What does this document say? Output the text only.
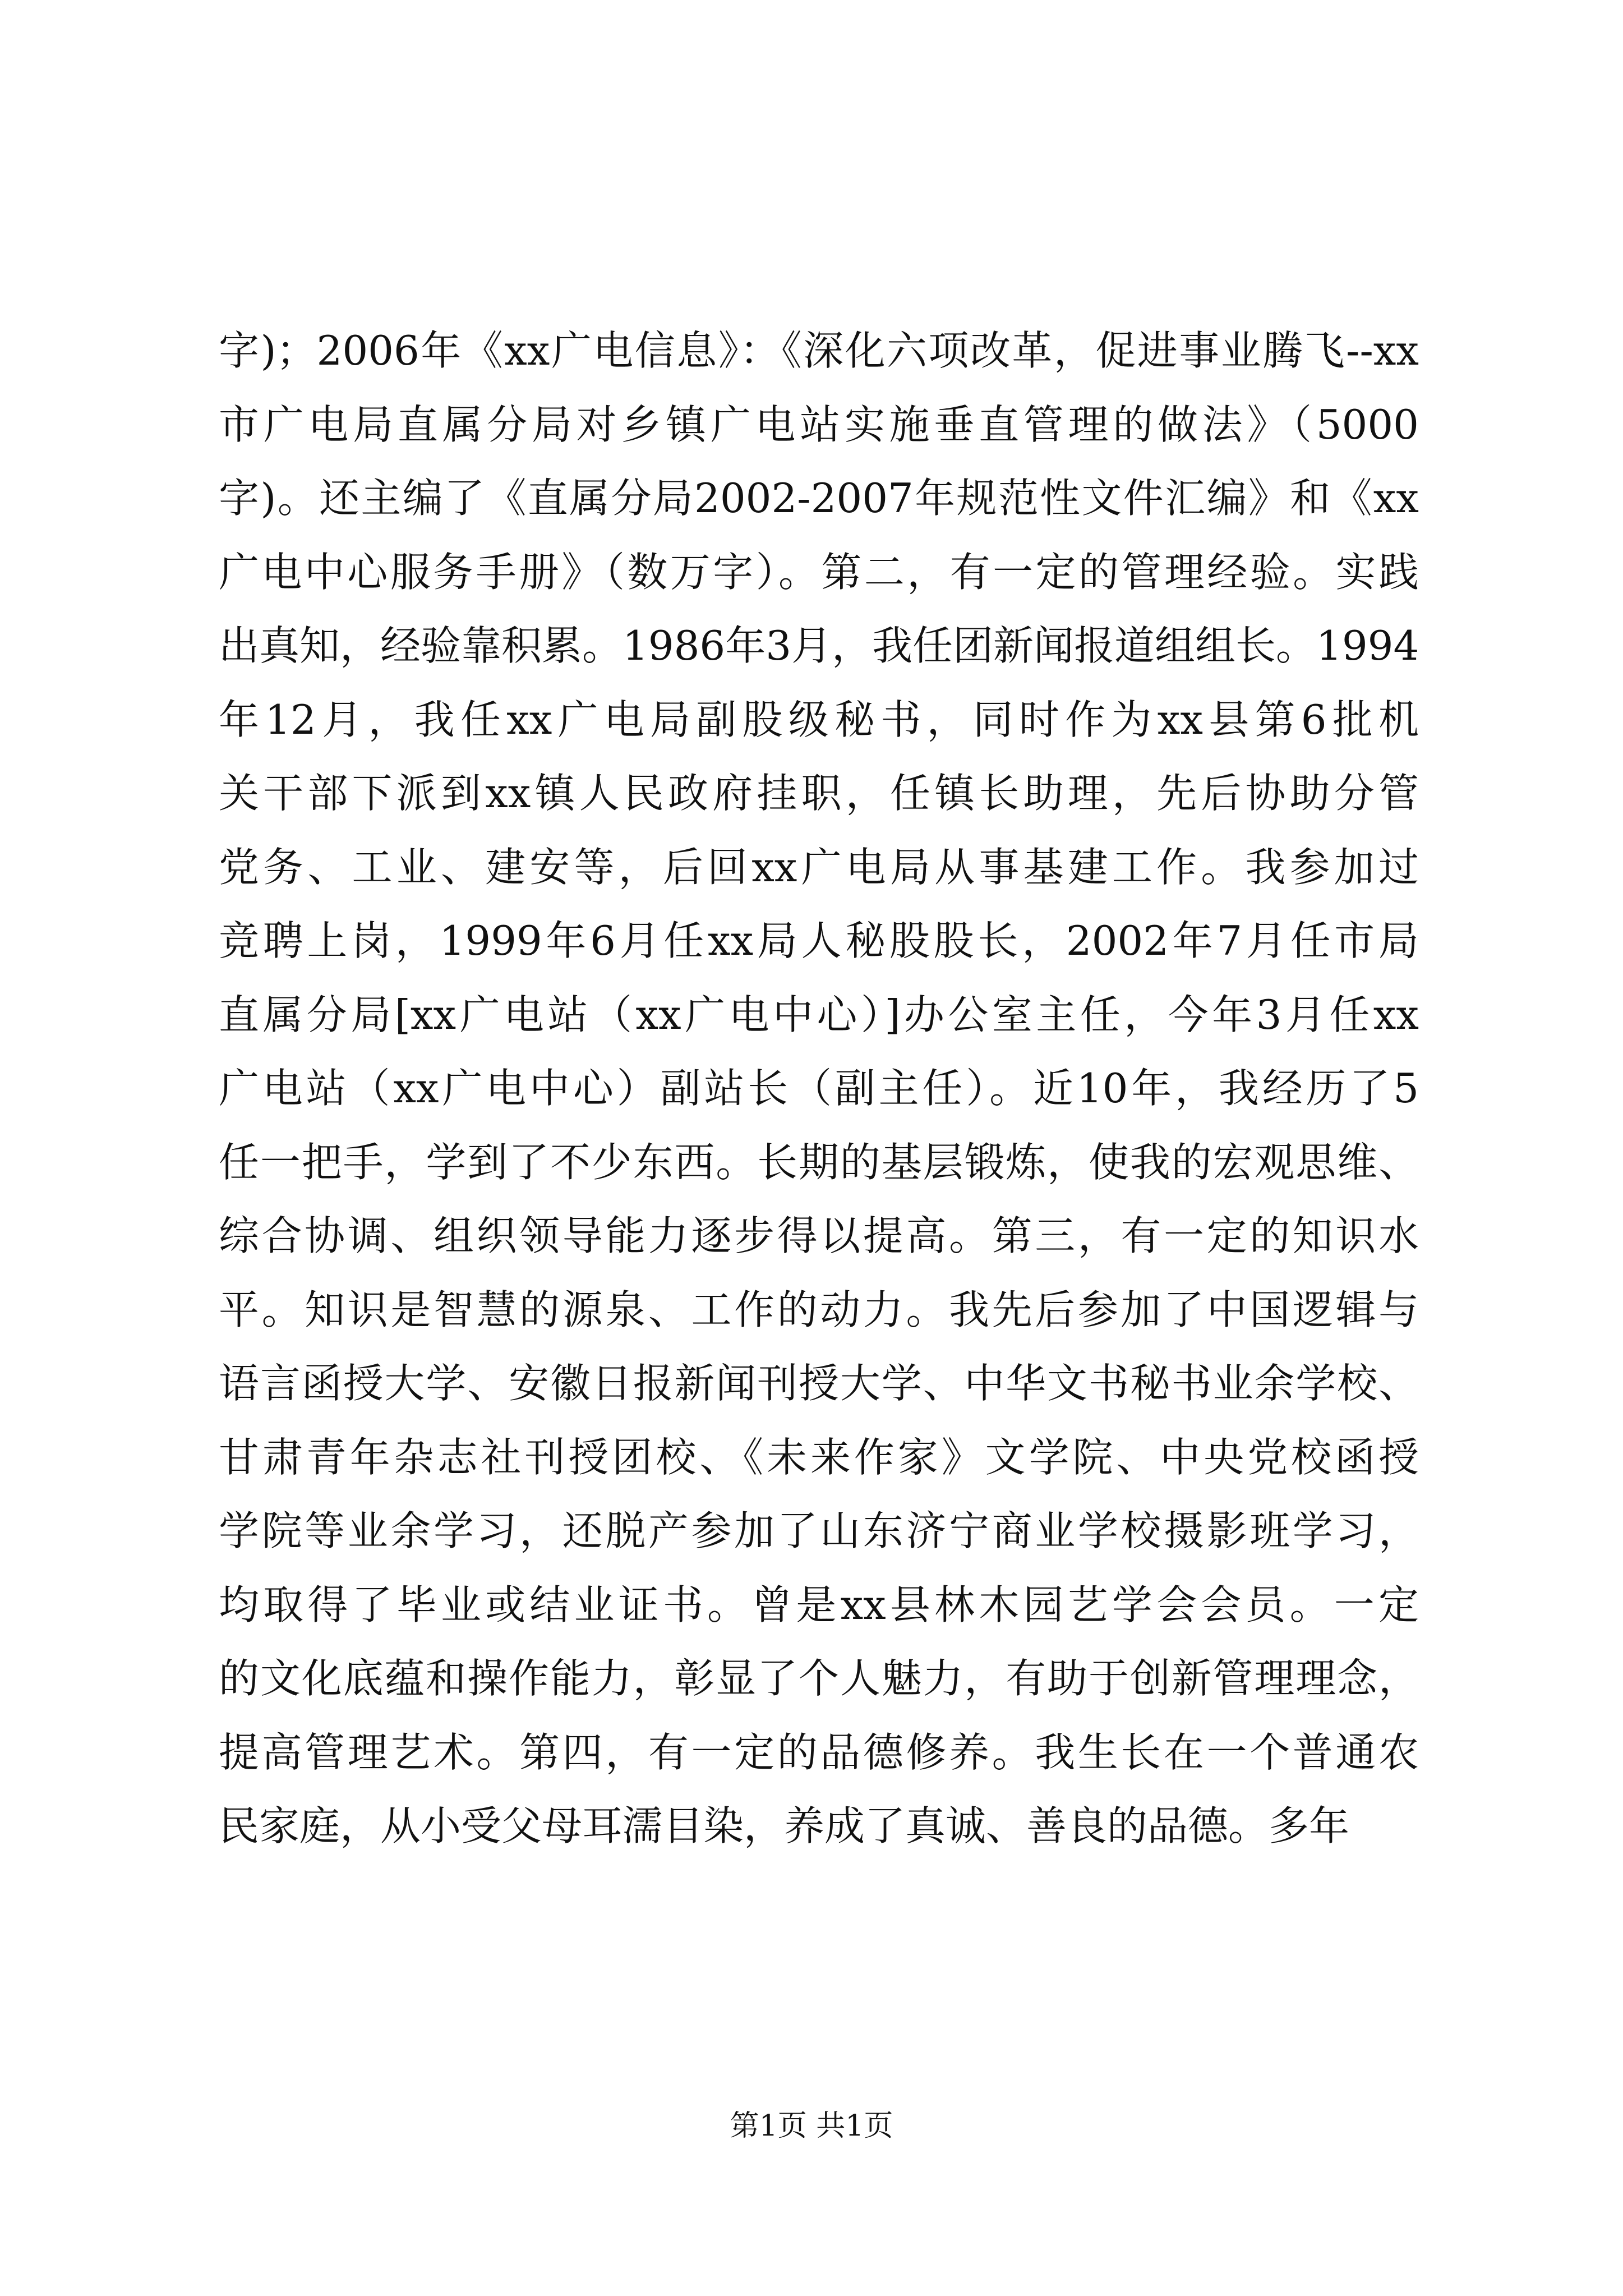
字)；2006年《xx广电信息》：《深化六项改革，促进事业腾飞--xx
市广电局直属分局对乡镇广电站实施垂直管理的做法》（5000
字)。还主编了《直属分局2002-2007年规范性文件汇编》和《xx
广电中心服务手册》（数万字）。第二，有一定的管理经验。实践
出真知，经验靠积累。1986年3月，我任团新闻报道组组长。1994
年12月，我任xx广电局副股级秘书，同时作为xx县第6批机
关干部下派到xx镇人民政府挂职，任镇长助理，先后协助分管
党务、工业、建安等，后回xx广电局从事基建工作。我参加过
竞聘上岗，1999年6月任xx局人秘股股长，2002年7月任市局
直属分局[xx广电站（xx广电中心）]办公室主任，今年3月任xx
广电站（xx广电中心）副站长（副主任）。近10年，我经历了5
任一把手，学到了不少东西。长期的基层锻炼，使我的宏观思维、
综合协调、组织领导能力逐步得以提高。第三，有一定的知识水
平。知识是智慧的源泉、工作的动力。我先后参加了中国逻辑与
语言函授大学、安徽日报新闻刊授大学、中华文书秘书业余学校、
甘肃青年杂志社刊授团校、《未来作家》文学院、中央党校函授
学院等业余学习，还脱产参加了山东济宁商业学校摄影班学习，
均取得了毕业或结业证书。曾是xx县林木园艺学会会员。一定
的文化底蕴和操作能力，彰显了个人魅力，有助于创新管理理念，
提高管理艺术。第四，有一定的品德修养。我生长在一个普通农
民家庭，从小受父母耳濡目染，养成了真诚、善良的品德。多年
第1页 共1页
